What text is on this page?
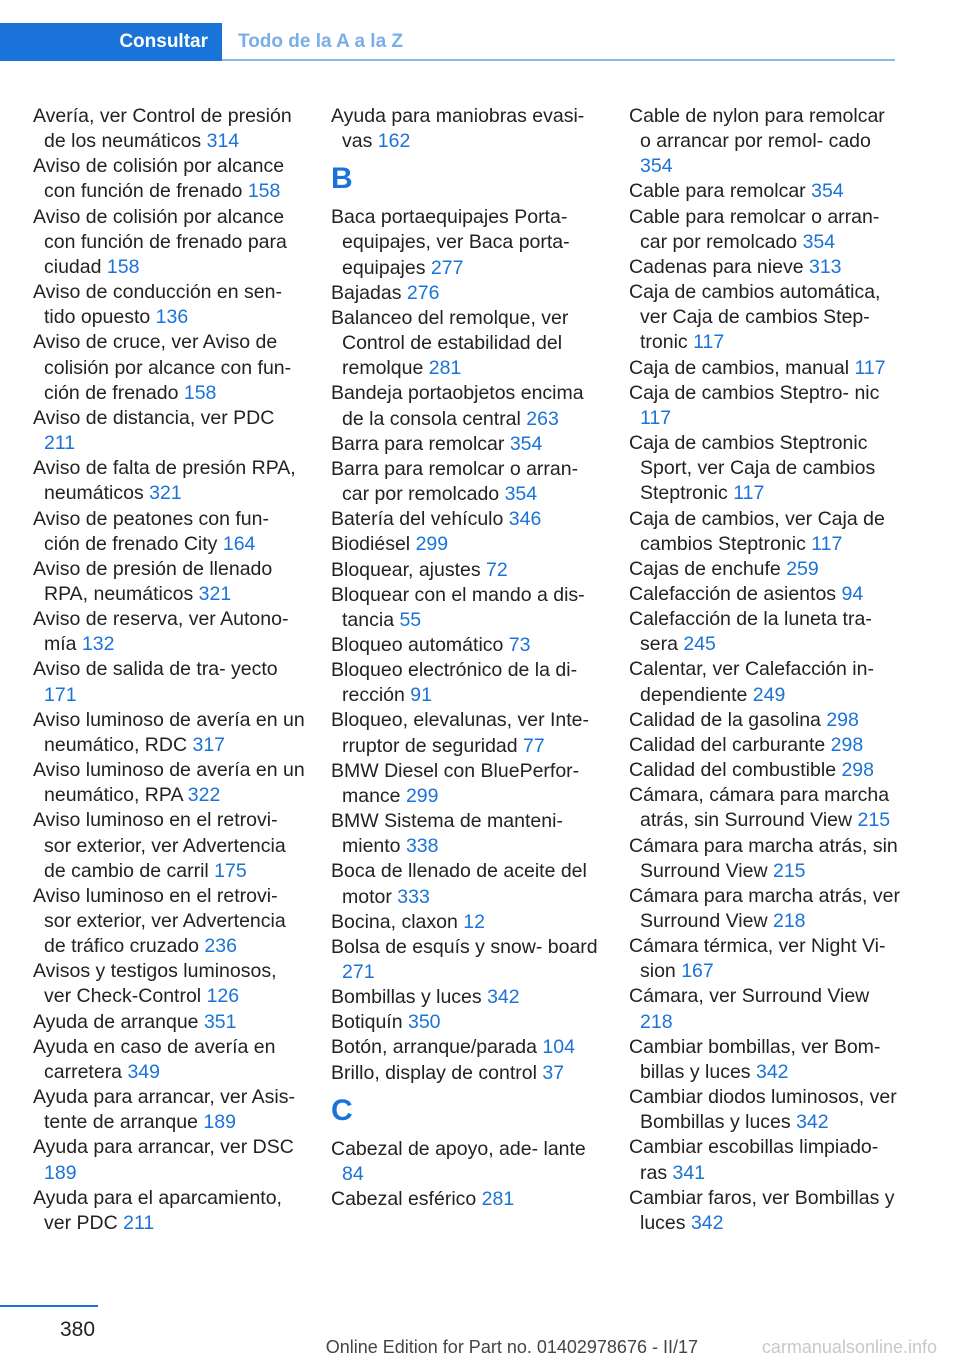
Consultar	Todo de la A a la Z
Avería, ver Control de presión de los neumáticos 314
Aviso de colisión por alcance con función de frenado 158
Aviso de colisión por alcance con función de frenado para ciudad 158
Aviso de conducción en sen‐ tido opuesto 136
Aviso de cruce, ver Aviso de colisión por alcance con fun‐ ción de frenado 158
Aviso de distancia, ver PDC 211
Aviso de falta de presión RPA, neumáticos 321
Aviso de peatones con fun‐ ción de frenado City 164
Aviso de presión de llenado RPA, neumáticos 321
Aviso de reserva, ver Autono‐ mía 132
Aviso de salida de tra‐ yecto 171
Aviso luminoso de avería en un neumático, RDC 317
Aviso luminoso de avería en un neumático, RPA 322
Aviso luminoso en el retrovi‐ sor exterior, ver Advertencia de cambio de carril 175
Aviso luminoso en el retrovi‐ sor exterior, ver Advertencia de tráfico cruzado 236
Avisos y testigos luminosos, ver Check-Control 126
Ayuda de arranque 351
Ayuda en caso de avería en carretera 349
Ayuda para arrancar, ver Asis‐ tente de arranque 189
Ayuda para arrancar, ver DSC 189
Ayuda para el aparcamiento, ver PDC 211
Ayuda para maniobras evasi‐ vas 162
B
Baca portaequipajes Porta‐ equipajes, ver Baca porta‐ equipajes 277
Bajadas 276
Balanceo del remolque, ver Control de estabilidad del remolque 281
Bandeja portaobjetos encima de la consola central 263
Barra para remolcar 354
Barra para remolcar o arran‐ car por remolcado 354
Batería del vehículo 346
Biodiésel 299
Bloquear, ajustes 72
Bloquear con el mando a dis‐ tancia 55
Bloqueo automático 73
Bloqueo electrónico de la di‐ rección 91
Bloqueo, elevalunas, ver Inte‐ rruptor de seguridad 77
BMW Diesel con BluePerfor‐ mance 299
BMW Sistema de manteni‐ miento 338
Boca de llenado de aceite del motor 333
Bocina, claxon 12
Bolsa de esquís y snow‐ board 271
Bombillas y luces 342
Botiquín 350
Botón, arranque/parada 104
Brillo, display de control 37
C
Cabezal de apoyo, ade‐ lante 84
Cabezal esférico 281
Cable de nylon para remolcar o arrancar por remol‐ cado 354
Cable para remolcar 354
Cable para remolcar o arran‐ car por remolcado 354
Cadenas para nieve 313
Caja de cambios automática, ver Caja de cambios Step‐ tronic 117
Caja de cambios, manual 117
Caja de cambios Steptro‐ nic 117
Caja de cambios Steptronic Sport, ver Caja de cambios Steptronic 117
Caja de cambios, ver Caja de cambios Steptronic 117
Cajas de enchufe 259
Calefacción de asientos 94
Calefacción de la luneta tra‐ sera 245
Calentar, ver Calefacción in‐ dependiente 249
Calidad de la gasolina 298
Calidad del carburante 298
Calidad del combustible 298
Cámara, cámara para marcha atrás, sin Surround View 215
Cámara para marcha atrás, sin Surround View 215
Cámara para marcha atrás, ver Surround View 218
Cámara térmica, ver Night Vi‐ sion 167
Cámara, ver Surround View 218
Cambiar bombillas, ver Bom‐ billas y luces 342
Cambiar diodos luminosos, ver Bombillas y luces 342
Cambiar escobillas limpiado‐ ras 341
Cambiar faros, ver Bombillas y luces 342
380
Online Edition for Part no. 01402978676 - II/17	carmanualsonline.info
